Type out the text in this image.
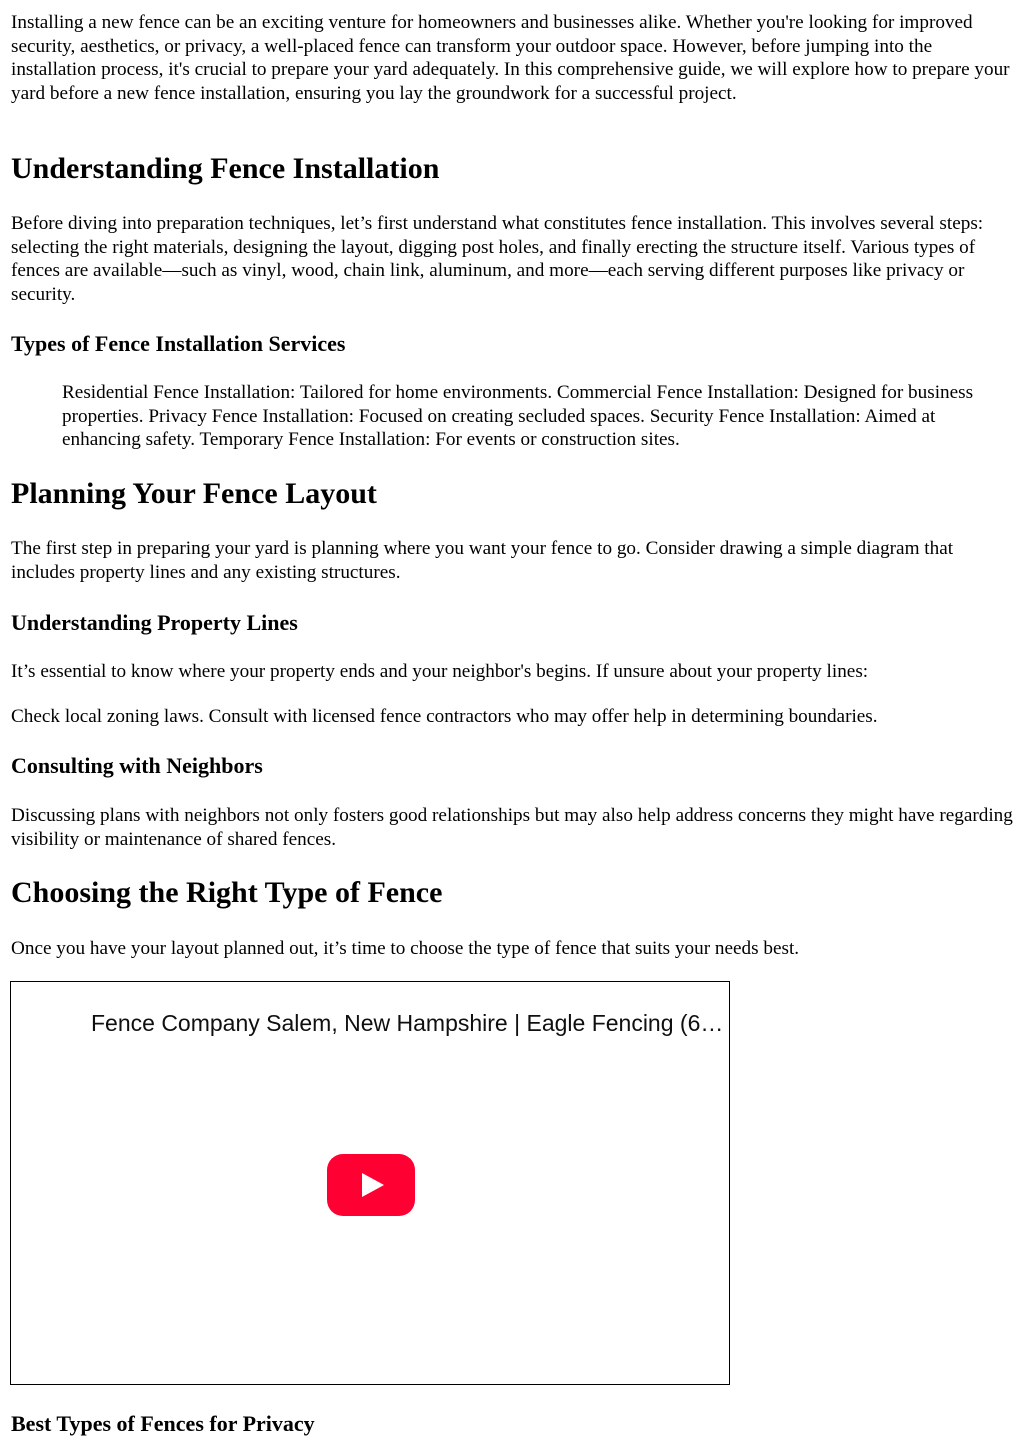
Installing a new fence can be an exciting venture for homeowners and businesses alike. Whether you're looking for improved security, aesthetics, or privacy, a well-placed fence can transform your outdoor space. However, before jumping into the installation process, it's crucial to prepare your yard adequately. In this comprehensive guide, we will explore how to prepare your yard before a new fence installation, ensuring you lay the groundwork for a successful project.

Understanding Fence Installation

Before diving into preparation techniques, let’s first understand what constitutes fence installation. This involves several steps: selecting the right materials, designing the layout, digging post holes, and finally erecting the structure itself. Various types of fences are available—such as vinyl, wood, chain link, aluminum, and more—each serving different purposes like privacy or security.

Types of Fence Installation Services
Residential Fence Installation: Tailored for home environments. Commercial Fence Installation: Designed for business properties. Privacy Fence Installation: Focused on creating secluded spaces. Security Fence Installation: Aimed at enhancing safety. Temporary Fence Installation: For events or construction sites.
Planning Your Fence Layout

The first step in preparing your yard is planning where you want your fence to go. Consider drawing a simple diagram that includes property lines and any existing structures.

Understanding Property Lines

It’s essential to know where your property ends and your neighbor's begins. If unsure about your property lines:

Check local zoning laws. Consult with licensed fence contractors who may offer help in determining boundaries.

Consulting with Neighbors

Discussing plans with neighbors not only fosters good relationships but may also help address concerns they might have regarding visibility or maintenance of shared fences.

Choosing the Right Type of Fence

Once you have your layout planned out, it’s time to choose the type of fence that suits your needs best.

Fence Company Salem, New Hampshire | Eagle Fencing (6…
Best Types of Fences for Privacy
